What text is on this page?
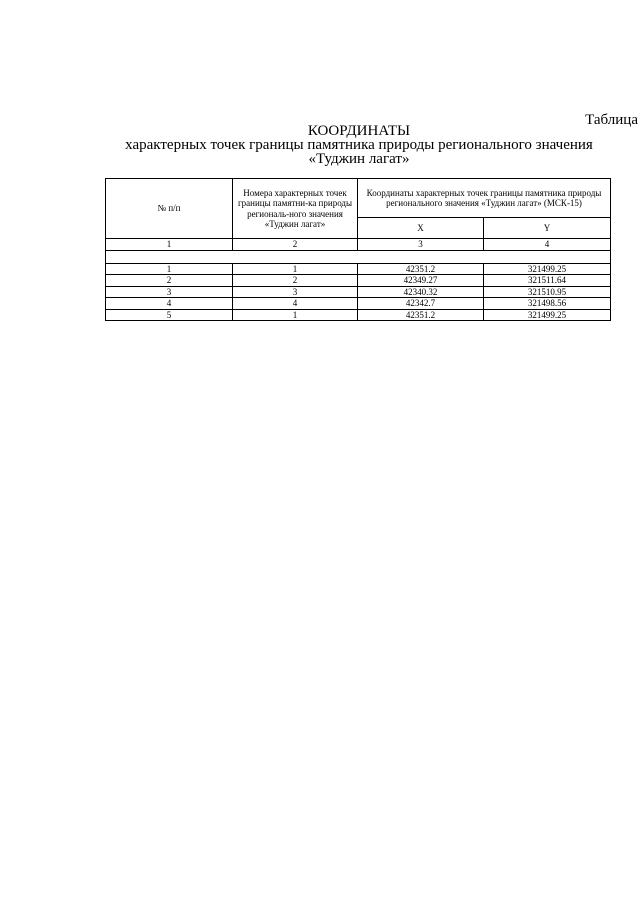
Таблица
КООРДИНАТЫ
характерных точек границы памятника природы регионального значения
«Туджин лагат»
№ п/п	Номера характерных точек границы памятни-ка природы региональ-ного значения «Туджин лагат»	Координаты характерных точек границы памятника природы регионального значения «Туджин лагат» (МСК-15)	
		X	Y
1	2	3	4

1	1	42351.2	321499.25
2	2	42349.27	321511.64
3	3	42340.32	321510.95
4	4	42342.7	321498.56
5	1	42351.2	321499.25
